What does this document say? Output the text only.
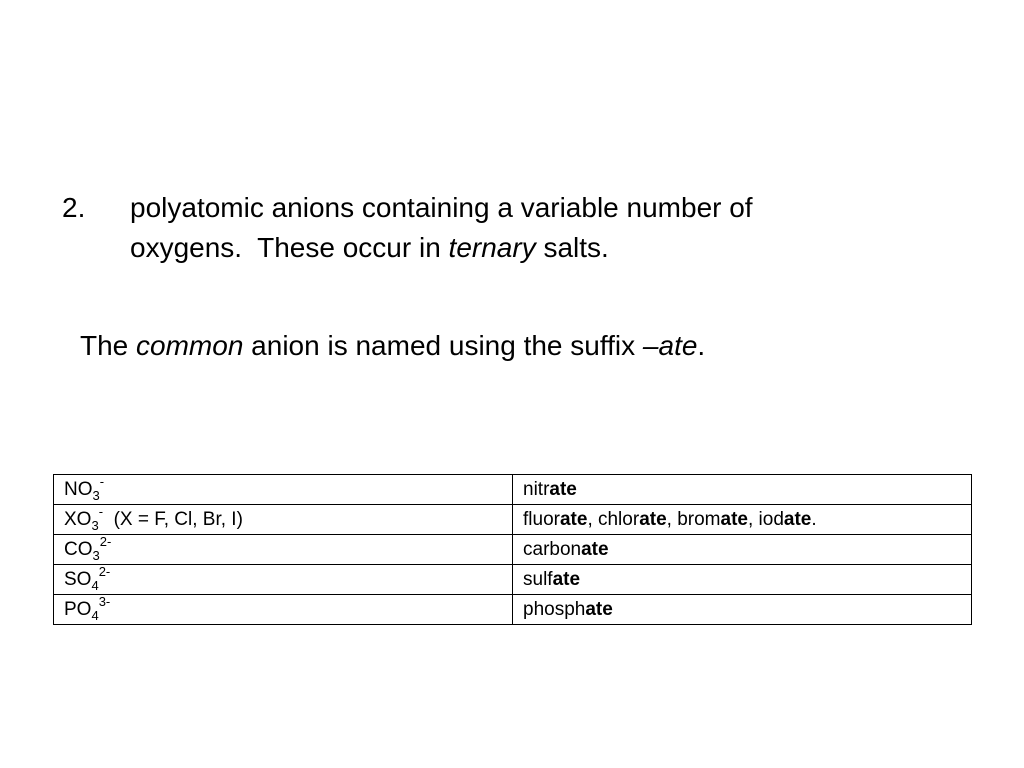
2. polyatomic anions containing a variable number of
oxygens.  These occur in ternary salts.
The common anion is named using the suffix –ate.
$NO_3^-$	nitrate
$XO_3^-$  (X = F, Cl, Br, I)	fluorate, chlorate, bromate, iodate.
$CO_3^{2-}$	carbonate
$SO_4^{2-}$	sulfate
$PO_4^{3-}$	phosphate
